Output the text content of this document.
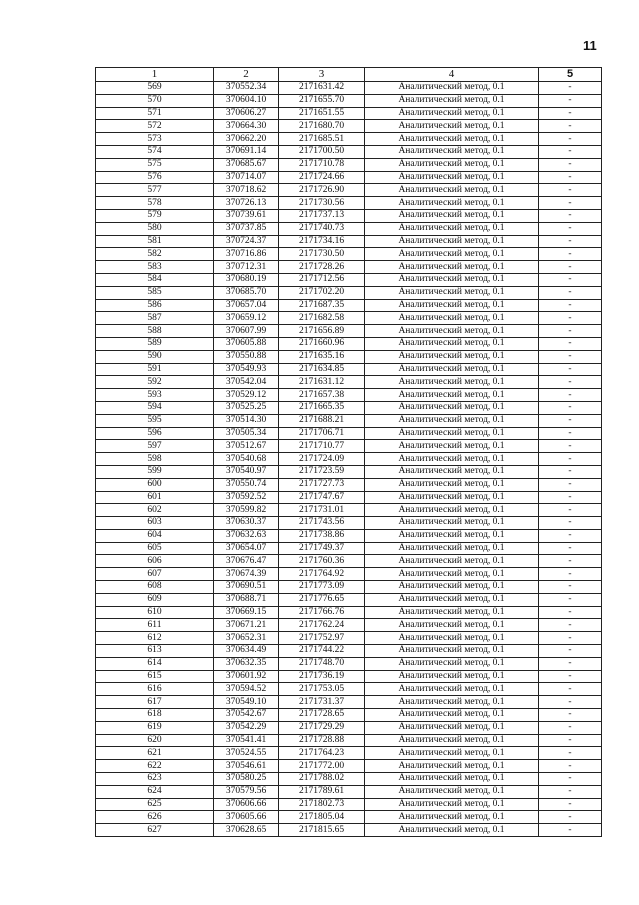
11
1	2	3	4	5
569	370552.34	2171631.42	Аналитический метод, 0.1	-
570	370604.10	2171655.70	Аналитический метод, 0.1	-
571	370606.27	2171651.55	Аналитический метод, 0.1	-
572	370664.30	2171680.70	Аналитический метод, 0.1	-
573	370662.20	2171685.51	Аналитический метод, 0.1	-
574	370691.14	2171700.50	Аналитический метод, 0.1	-
575	370685.67	2171710.78	Аналитический метод, 0.1	-
576	370714.07	2171724.66	Аналитический метод, 0.1	-
577	370718.62	2171726.90	Аналитический метод, 0.1	-
578	370726.13	2171730.56	Аналитический метод, 0.1	-
579	370739.61	2171737.13	Аналитический метод, 0.1	-
580	370737.85	2171740.73	Аналитический метод, 0.1	-
581	370724.37	2171734.16	Аналитический метод, 0.1	-
582	370716.86	2171730.50	Аналитический метод, 0.1	-
583	370712.31	2171728.26	Аналитический метод, 0.1	-
584	370680.19	2171712.56	Аналитический метод, 0.1	-
585	370685.70	2171702.20	Аналитический метод, 0.1	-
586	370657.04	2171687.35	Аналитический метод, 0.1	-
587	370659.12	2171682.58	Аналитический метод, 0.1	-
588	370607.99	2171656.89	Аналитический метод, 0.1	-
589	370605.88	2171660.96	Аналитический метод, 0.1	-
590	370550.88	2171635.16	Аналитический метод, 0.1	-
591	370549.93	2171634.85	Аналитический метод, 0.1	-
592	370542.04	2171631.12	Аналитический метод, 0.1	-
593	370529.12	2171657.38	Аналитический метод, 0.1	-
594	370525.25	2171665.35	Аналитический метод, 0.1	-
595	370514.30	2171688.21	Аналитический метод, 0.1	-
596	370505.34	2171706.71	Аналитический метод, 0.1	-
597	370512.67	2171710.77	Аналитический метод, 0.1	-
598	370540.68	2171724.09	Аналитический метод, 0.1	-
599	370540.97	2171723.59	Аналитический метод, 0.1	-
600	370550.74	2171727.73	Аналитический метод, 0.1	-
601	370592.52	2171747.67	Аналитический метод, 0.1	-
602	370599.82	2171731.01	Аналитический метод, 0.1	-
603	370630.37	2171743.56	Аналитический метод, 0.1	-
604	370632.63	2171738.86	Аналитический метод, 0.1	-
605	370654.07	2171749.37	Аналитический метод, 0.1	-
606	370676.47	2171760.36	Аналитический метод, 0.1	-
607	370674.39	2171764.92	Аналитический метод, 0.1	-
608	370690.51	2171773.09	Аналитический метод, 0.1	-
609	370688.71	2171776.65	Аналитический метод, 0.1	-
610	370669.15	2171766.76	Аналитический метод, 0.1	-
611	370671.21	2171762.24	Аналитический метод, 0.1	-
612	370652.31	2171752.97	Аналитический метод, 0.1	-
613	370634.49	2171744.22	Аналитический метод, 0.1	-
614	370632.35	2171748.70	Аналитический метод, 0.1	-
615	370601.92	2171736.19	Аналитический метод, 0.1	-
616	370594.52	2171753.05	Аналитический метод, 0.1	-
617	370549.10	2171731.37	Аналитический метод, 0.1	-
618	370542.67	2171728.65	Аналитический метод, 0.1	-
619	370542.29	2171729.29	Аналитический метод, 0.1	-
620	370541.41	2171728.88	Аналитический метод, 0.1	-
621	370524.55	2171764.23	Аналитический метод, 0.1	-
622	370546.61	2171772.00	Аналитический метод, 0.1	-
623	370580.25	2171788.02	Аналитический метод, 0.1	-
624	370579.56	2171789.61	Аналитический метод, 0.1	-
625	370606.66	2171802.73	Аналитический метод, 0.1	-
626	370605.66	2171805.04	Аналитический метод, 0.1	-
627	370628.65	2171815.65	Аналитический метод, 0.1	-
